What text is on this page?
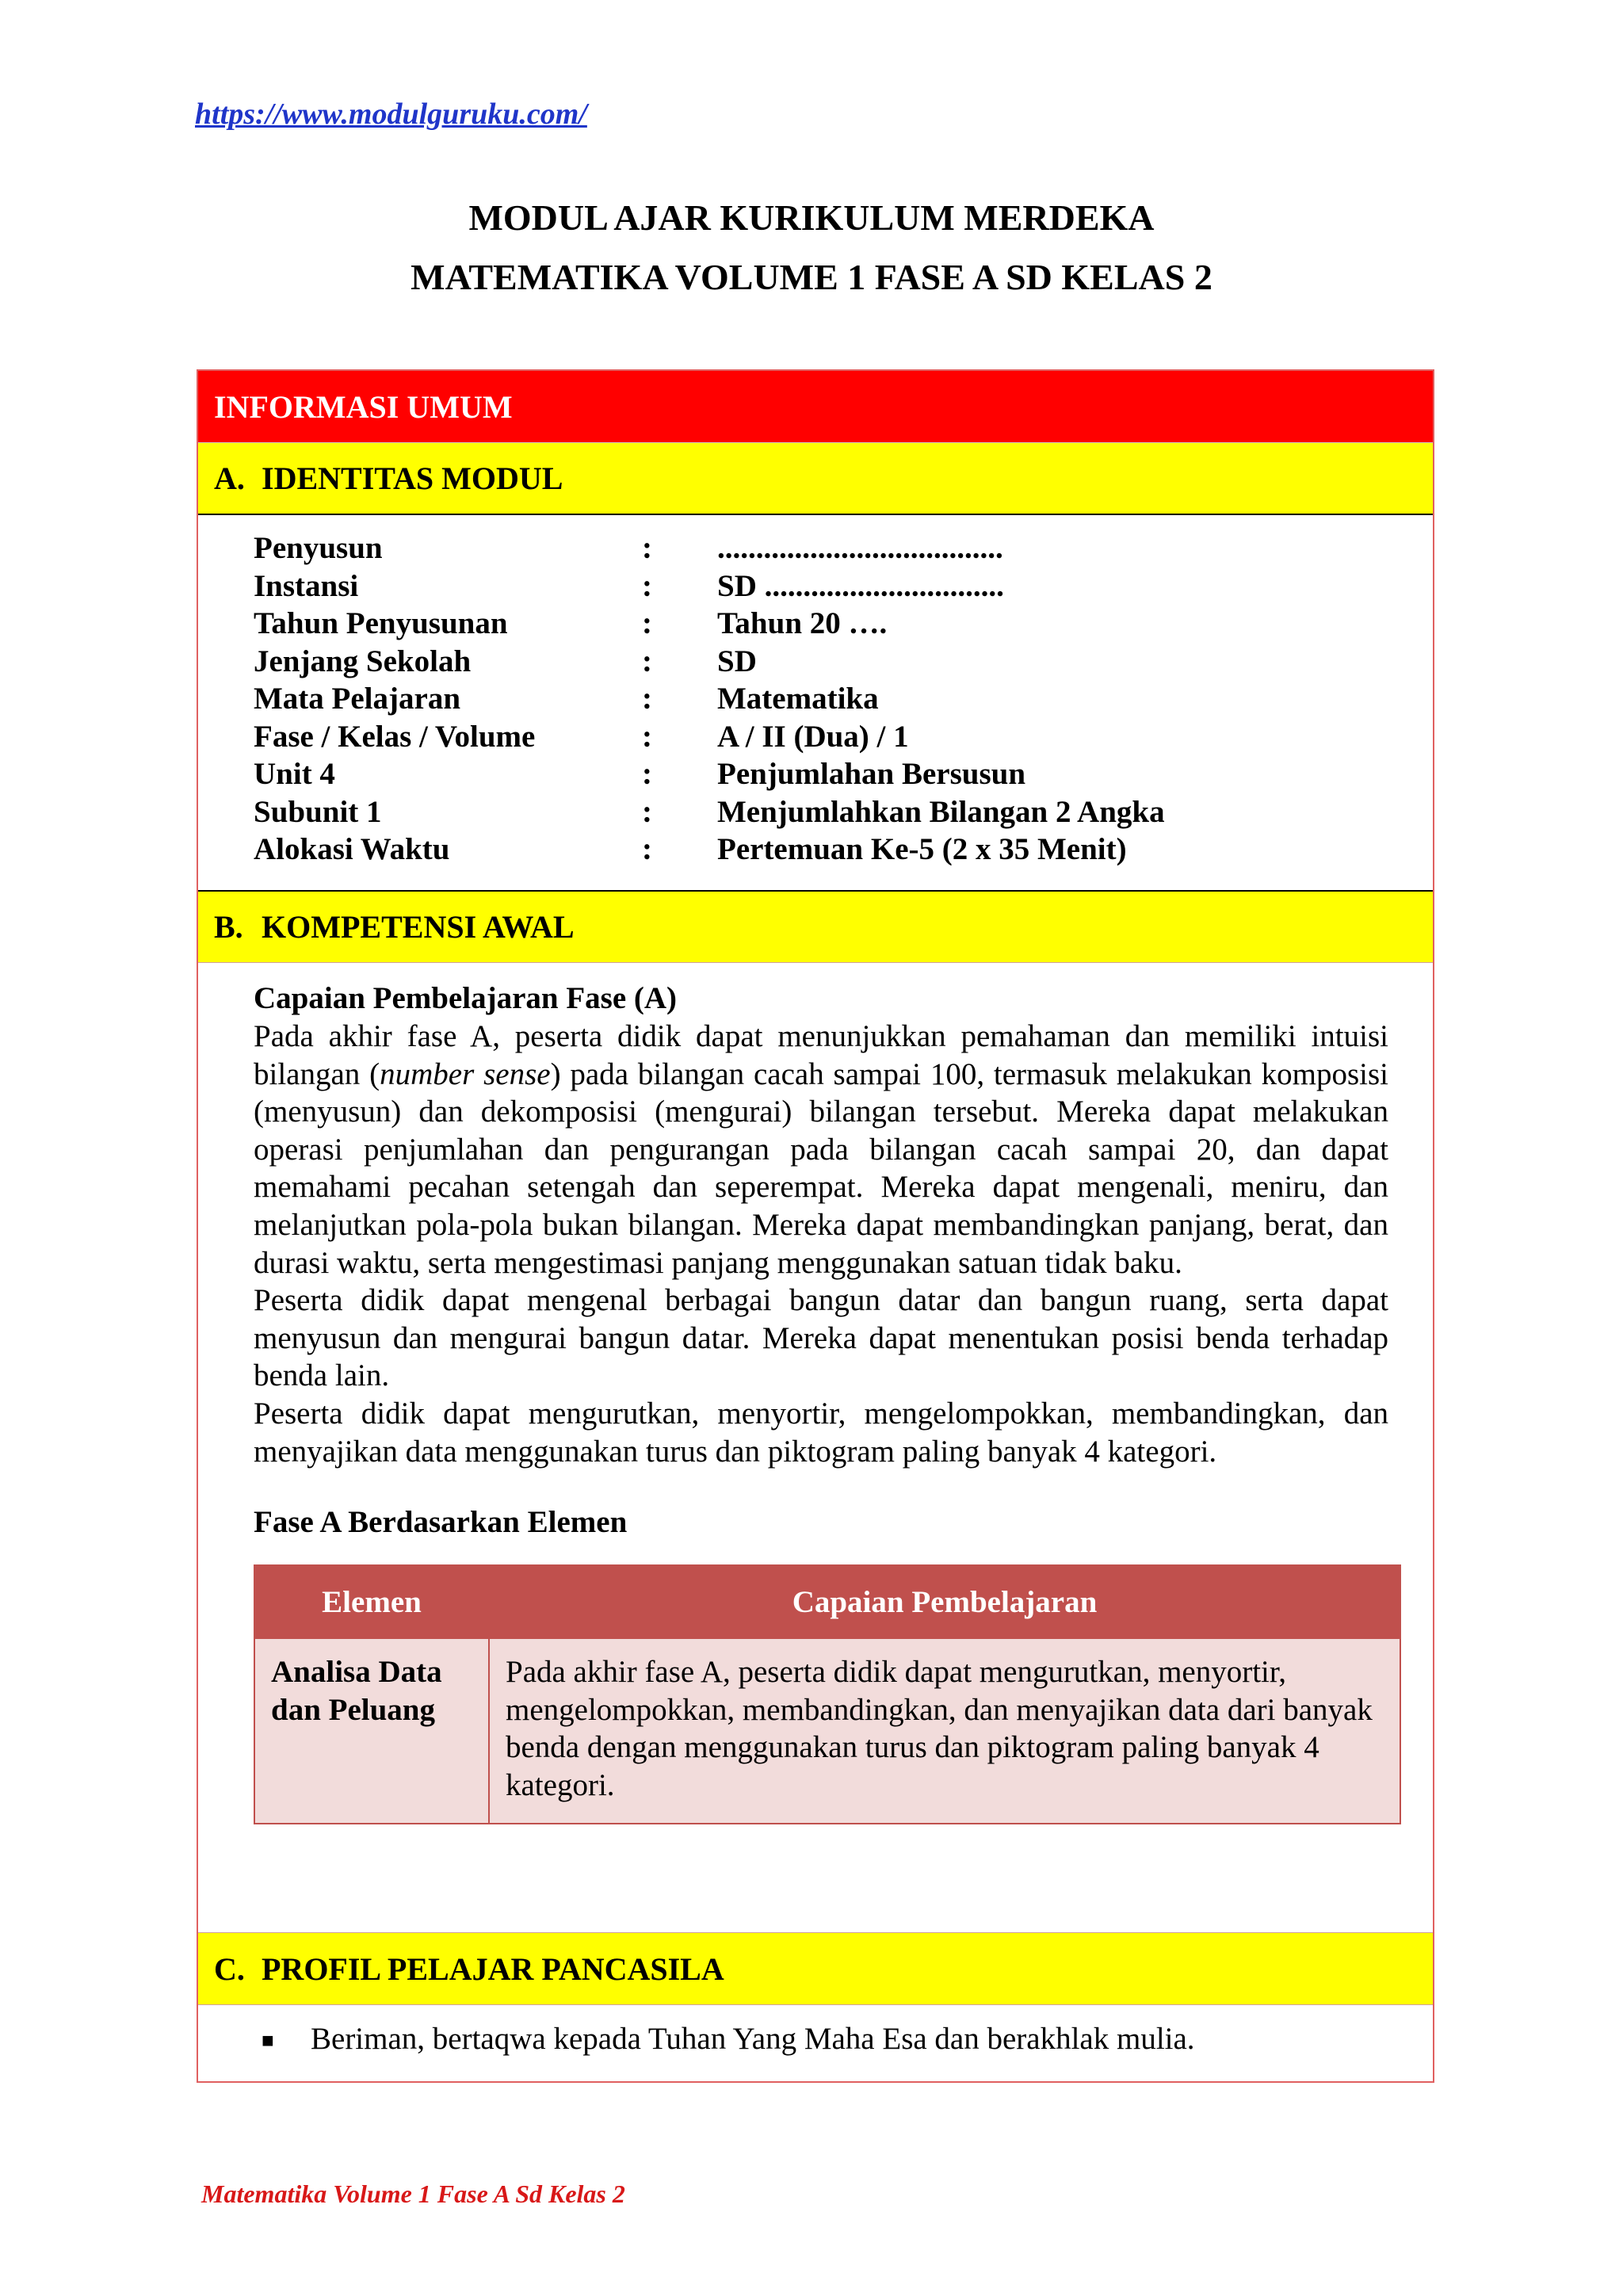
https://www.modulguruku.com/
MODUL AJAR KURIKULUM MERDEKA
MATEMATIKA VOLUME 1 FASE A SD KELAS 2
INFORMASI UMUM
A. IDENTITAS MODUL
Penyusun	:	.....................................
Instansi	:	SD ...............................
Tahun Penyusunan	:	Tahun 20 ….
Jenjang Sekolah	:	SD
Mata Pelajaran	:	Matematika
Fase / Kelas / Volume	:	A / II (Dua) / 1
Unit 4	:	Penjumlahan Bersusun
Subunit 1	:	Menjumlahkan Bilangan 2 Angka
Alokasi Waktu	:	Pertemuan Ke-5 (2 x 35 Menit)
B. KOMPETENSI AWAL
Capaian Pembelajaran Fase (A)

Pada akhir fase A, peserta didik dapat menunjukkan pemahaman dan memiliki intuisi bilangan (number sense) pada bilangan cacah sampai 100, termasuk melakukan komposisi (menyusun) dan dekomposisi (mengurai) bilangan tersebut. Mereka dapat melakukan operasi penjumlahan dan pengurangan pada bilangan cacah sampai 20, dan dapat memahami pecahan setengah dan seperempat. Mereka dapat mengenali, meniru, dan melanjutkan pola-pola bukan bilangan. Mereka dapat membandingkan panjang, berat, dan durasi waktu, serta mengestimasi panjang menggunakan satuan tidak baku.

Peserta didik dapat mengenal berbagai bangun datar dan bangun ruang, serta dapat menyusun dan mengurai bangun datar. Mereka dapat menentukan posisi benda terhadap benda lain.

Peserta didik dapat mengurutkan, menyortir, mengelompokkan, membandingkan, dan menyajikan data menggunakan turus dan piktogram paling banyak 4 kategori.

Fase A Berdasarkan Elemen
Elemen	Capaian Pembelajaran
Analisa Data dan Peluang	Pada akhir fase A, peserta didik dapat mengurutkan, menyortir, mengelompokkan, membandingkan, dan menyajikan data dari banyak benda dengan menggunakan turus dan piktogram paling banyak 4 kategori.
C. PROFIL PELAJAR PANCASILA
■	Beriman, bertaqwa kepada Tuhan Yang Maha Esa dan berakhlak mulia.
Matematika Volume 1 Fase A Sd Kelas 2
